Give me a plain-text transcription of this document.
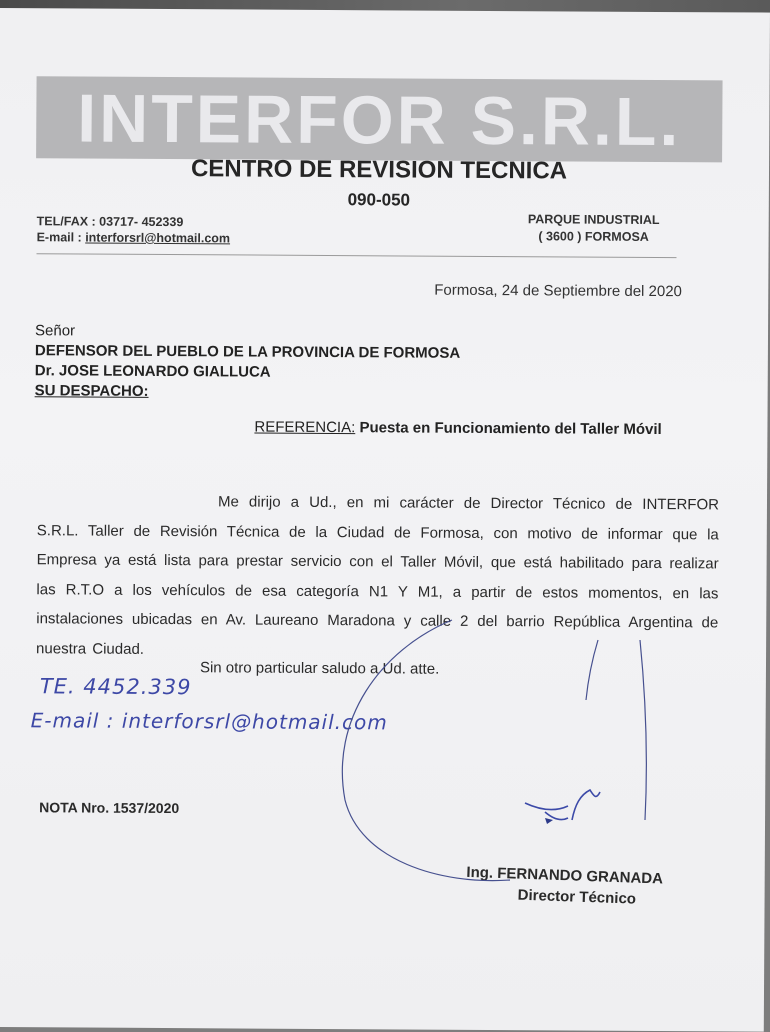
INTERFOR S.R.L.
CENTRO DE REVISION TECNICA
090-050
TEL/FAX : 03717- 452339
E-mail : interforsrl@hotmail.com
PARQUE INDUSTRIAL
( 3600 ) FORMOSA
Formosa, 24 de Septiembre del 2020
Señor
DEFENSOR DEL PUEBLO DE LA PROVINCIA DE FORMOSA
Dr. JOSE LEONARDO GIALLUCA
SU DESPACHO:
REFERENCIA: Puesta en Funcionamiento del Taller Móvil
Me dirijo a Ud., en mi carácter de Director Técnico de INTERFOR S.R.L. Taller de Revisión Técnica de la Ciudad de Formosa, con motivo de informar que la Empresa ya está lista para prestar servicio con el Taller Móvil, que está habilitado para realizar las R.T.O a los vehículos de esa categoría N1 Y M1, a partir de estos momentos, en las instalaciones ubicadas en Av. Laureano Maradona y calle 2 del barrio República Argentina de nuestra Ciudad.
Sin otro particular saludo a Ud. atte.
TE. 4452.339
E-mail : interforsrl@hotmail.com
NOTA Nro. 1537/2020
Ing. FERNANDO GRANADA
Director Técnico
